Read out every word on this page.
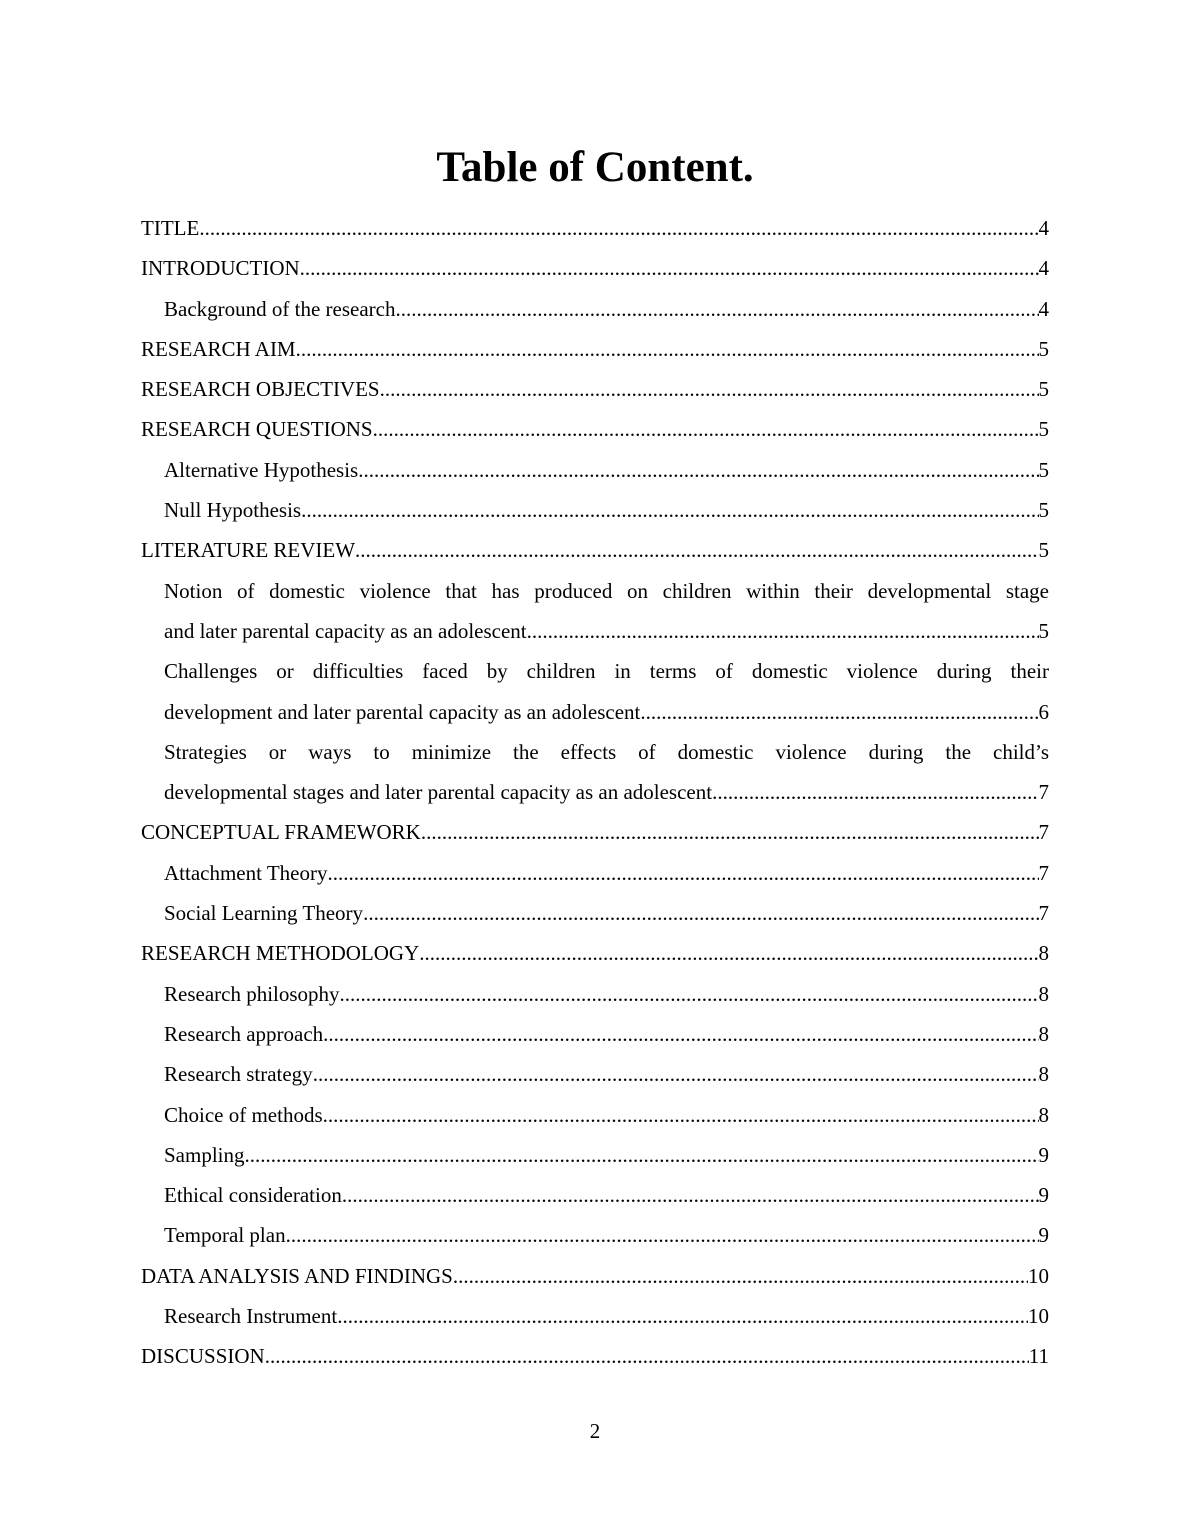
Table of Content.
TITLE .....	4
INTRODUCTION .....	4
Background of the research .....	4
RESEARCH AIM .....	5
RESEARCH OBJECTIVES .....	5
RESEARCH QUESTIONS .....	5
Alternative Hypothesis .....	5
Null Hypothesis .....	5
LITERATURE REVIEW .....	5
Notion of domestic violence that has produced on children within their developmental stage
and later parental capacity as an adolescent .....	5
Challenges or difficulties faced by children in terms of domestic violence during their
development and later parental capacity as an adolescent .....	6
Strategies or ways to minimize the effects of domestic violence during the child’s
developmental stages and later parental capacity as an adolescent .....	7
CONCEPTUAL FRAMEWORK .....	7
Attachment Theory .....	7
Social Learning Theory .....	7
RESEARCH METHODOLOGY .....	8
Research philosophy .....	8
Research approach .....	8
Research strategy .....	8
Choice of methods .....	8
Sampling .....	9
Ethical consideration .....	9
Temporal plan .....	9
DATA ANALYSIS AND FINDINGS .....	10
Research Instrument .....	10
DISCUSSION .....	11
2
